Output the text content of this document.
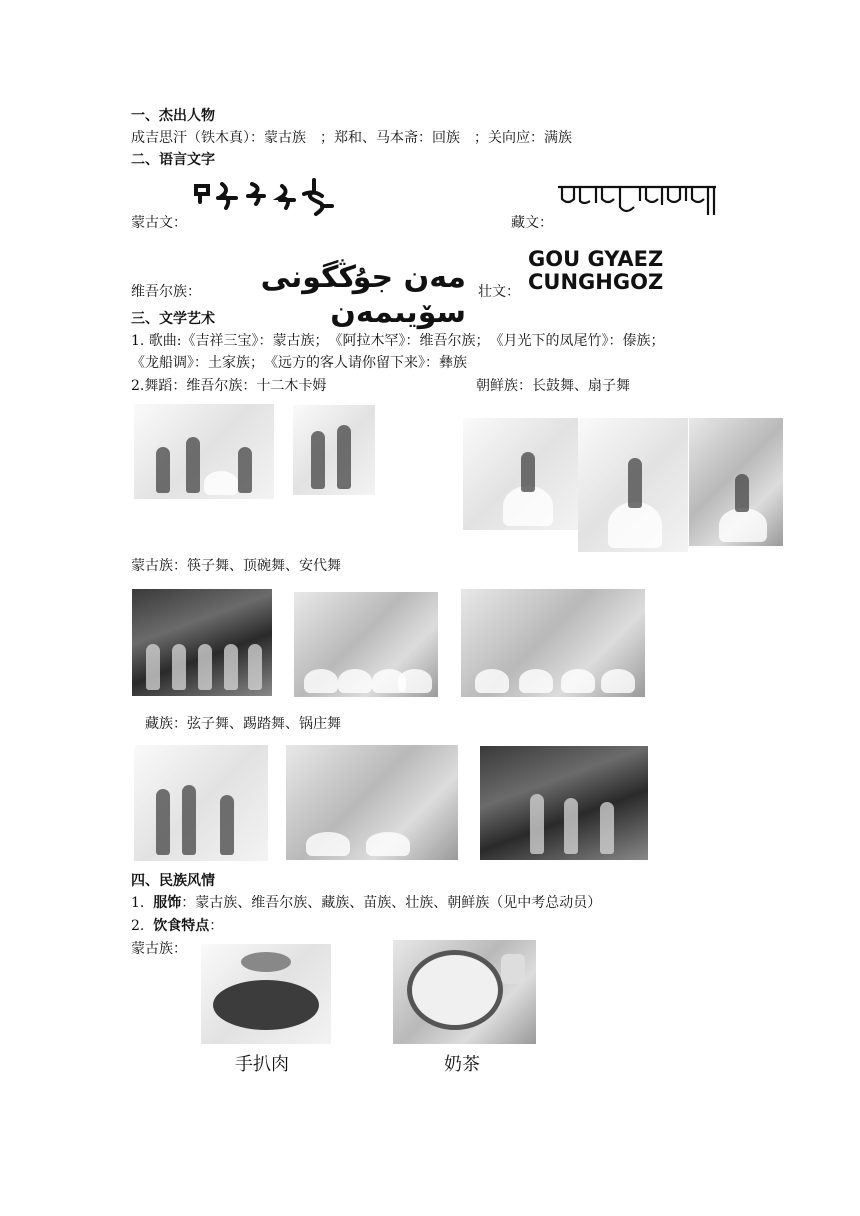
一、杰出人物
成吉思汗（铁木真）：蒙古族　；郑和、马本斋：回族　；关向应：满族
二、语言文字
蒙古文：	藏文：
维吾尔族：	مەن جۇڭگونى سۆيىمەن
壮文：
GOU GYAEZ
CUNGHGOZ
三、文学艺术
1. 歌曲:《吉祥三宝》：蒙古族；　《阿拉木罕》：维吾尔族；　《月光下的凤尾竹》：傣族；
《龙船调》：土家族；　《远方的客人请你留下来》：彝族
2.舞蹈：维吾尔族：十二木卡姆	朝鲜族：长鼓舞、扇子舞
蒙古族：筷子舞、顶碗舞、安代舞
藏族：弦子舞、踢踏舞、锅庄舞
四、民族风情
1. 服饰：蒙古族、维吾尔族、藏族、苗族、壮族、朝鲜族（见中考总动员）
2. 饮食特点：
蒙古族：
手扒肉	奶茶
